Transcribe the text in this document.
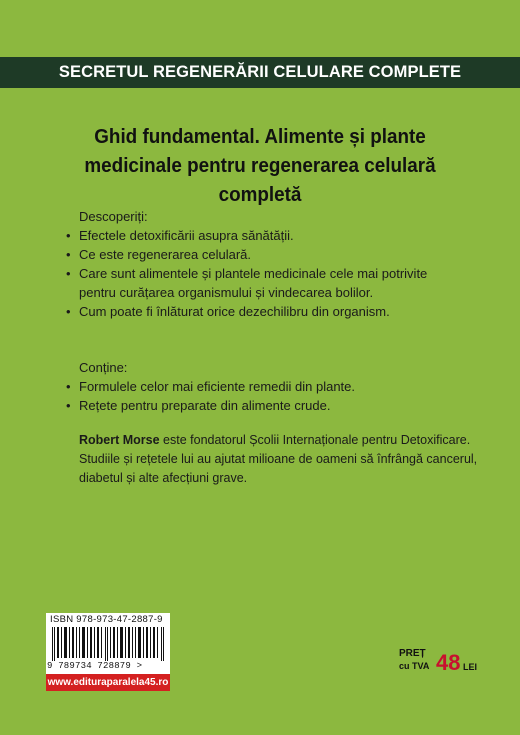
SECRETUL REGENERĂRII CELULARE COMPLETE
Ghid fundamental. Alimente și plante medicinale pentru regenerarea celulară completă

Descoperiți:

• Efectele detoxificării asupra sănătății.
• Ce este regenerarea celulară.
• Care sunt alimentele și plantele medicinale cele mai potrivite pentru curățarea organismului și vindecarea bolilor.
• Cum poate fi înlăturat orice dezechilibru din organism.

Conține:

• Formulele celor mai eficiente remedii din plante.
• Rețete pentru preparate din alimente crude.
Robert Morse este fondatorul Școlii Internaționale pentru Detoxificare. Studiile și rețetele lui au ajutat milioane de oameni să înfrângă cancerul, diabetul și alte afecțiuni grave.
ISBN 978-973-47-2887-9
9 789734 728879 >
www.edituraparalela45.ro
PREȚ
cu TVA 48 LEI
